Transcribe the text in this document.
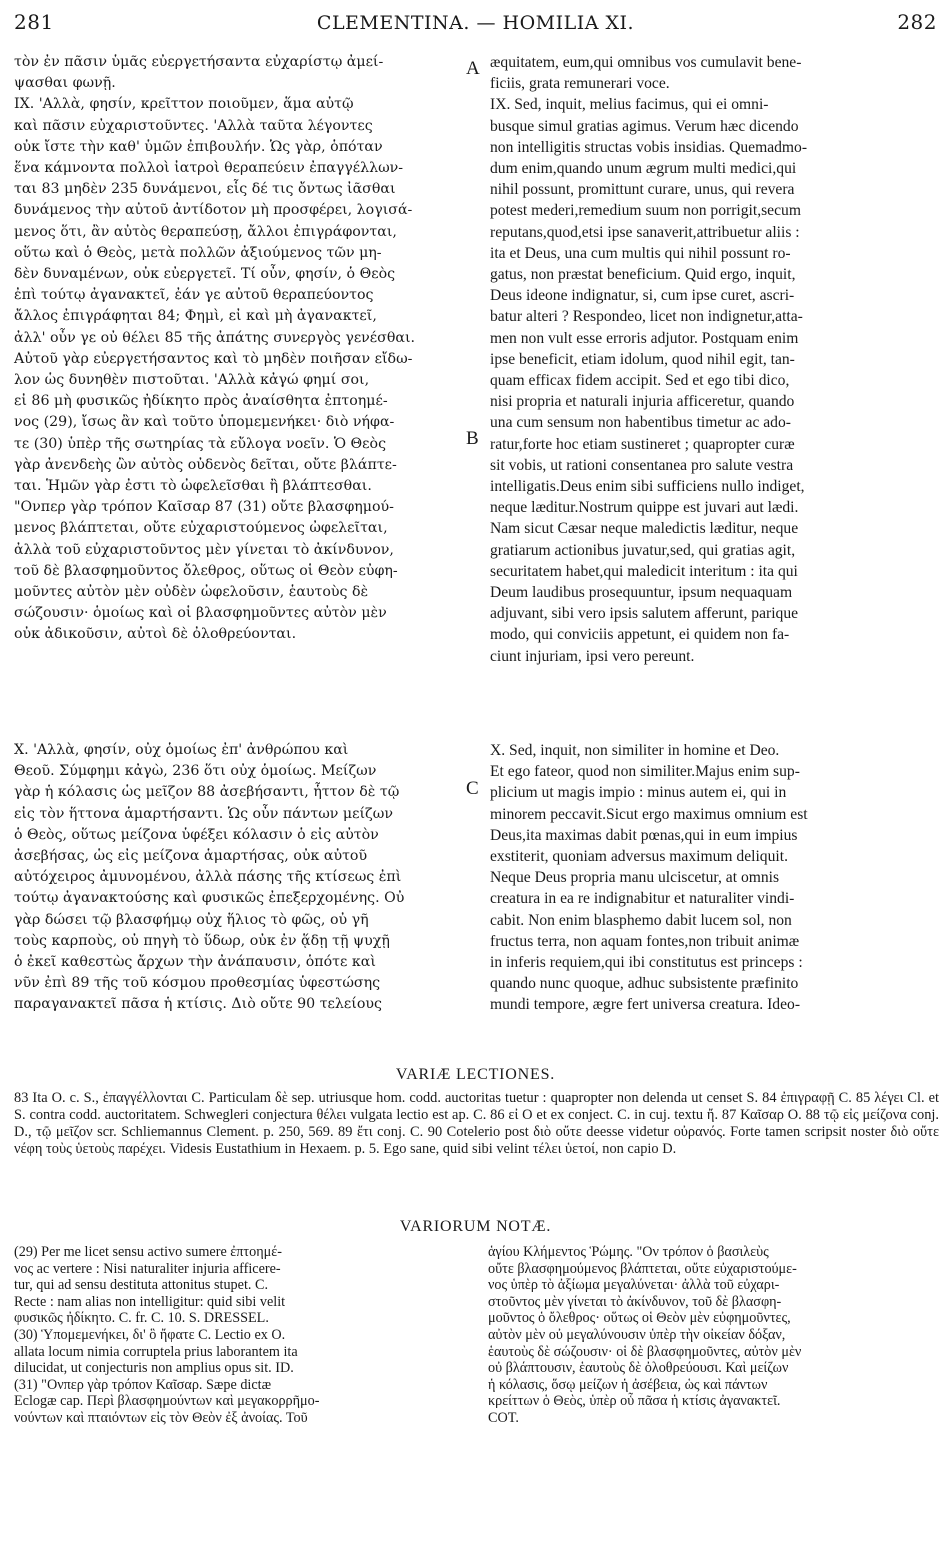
281	CLEMENTINA. — HOMILIA XI.	282
τὸν ἐν πᾶσιν ὑμᾶς εὐεργετήσαντα εὐχαρίστῳ ἀμεί-
ψασθαι φωνῇ.
IX. 'Αλλὰ, φησίν, κρεῖττον ποιοῦμεν, ἅμα αὐτῷ
καὶ πᾶσιν εὐχαριστοῦντες. 'Αλλὰ ταῦτα λέγοντες
οὐκ ἴστε τὴν καθ' ὑμῶν ἐπιβουλήν. Ὡς γὰρ, ὁπόταν
ἕνα κάμνοντα πολλοὶ ἰατροὶ θεραπεύειν ἐπαγγέλλων-
ται 83 μηδὲν 235 δυνάμενοι, εἷς δέ τις ὄντως ἰᾶσθαι
δυνάμενος τὴν αὐτοῦ ἀντίδοτον μὴ προσφέρει, λογισά-
μενος ὅτι, ἂν αὐτὸς θεραπεύσῃ, ἄλλοι ἐπιγράφονται,
οὕτω καὶ ὁ Θεὸς, μετὰ πολλῶν ἀξιούμενος τῶν μη-
δὲν δυναμένων, οὐκ εὐεργετεῖ. Τί οὖν, φησίν, ὁ Θεὸς
ἐπὶ τούτῳ ἀγανακτεῖ, ἐάν γε αὐτοῦ θεραπεύοντος
ἄλλος ἐπιγράφηται 84; Φημὶ, εἰ καὶ μὴ ἀγανακτεῖ,
ἀλλ' οὖν γε οὐ θέλει 85 τῆς ἀπάτης συνεργὸς γενέσθαι.
Αὐτοῦ γὰρ εὐεργετήσαντος καὶ τὸ μηδὲν ποιῆσαν εἴδω-
λον ὡς δυνηθὲν πιστοῦται. 'Αλλὰ κἀγώ φημί σοι,
εἰ 86 μὴ φυσικῶς ἠδίκητο πρὸς ἀναίσθητα ἐπτοημέ-
νος (29), ἴσως ἂν καὶ τοῦτο ὑπομεμενήκει· διὸ νήφα-
τε (30) ὑπὲρ τῆς σωτηρίας τὰ εὔλογα νοεῖν. Ὁ Θεὸς
γὰρ ἀνενδεὴς ὢν αὐτὸς οὐδενὸς δεῖται, οὔτε βλάπτε-
ται. Ἡμῶν γὰρ ἐστι τὸ ὠφελεῖσθαι ἢ βλάπτεσθαι.
"Ονπερ γὰρ τρόπον Καῖσαρ 87 (31) οὔτε βλασφημού-
μενος βλάπτεται, οὔτε εὐχαριστούμενος ὠφελεῖται,
ἀλλὰ τοῦ εὐχαριστοῦντος μὲν γίνεται τὸ ἀκίνδυνον,
τοῦ δὲ βλασφημοῦντος ὄλεθρος, οὕτως οἱ Θεὸν εὐφη-
μοῦντες αὐτὸν μὲν οὐδὲν ὠφελοῦσιν, ἑαυτοὺς δὲ
σώζουσιν· ὁμοίως καὶ οἱ βλασφημοῦντες αὐτὸν μὲν
οὐκ ἀδικοῦσιν, αὐτοὶ δὲ ὀλοθρεύονται.
A
B
C
æquitatem, eum,qui omnibus vos cumulavit bene-
ficiis, grata remunerari voce.
IX. Sed, inquit, melius facimus, qui ei omni-
busque simul gratias agimus. Verum hæc dicendo
non intelligitis structas vobis insidias. Quemadmo-
dum enim,quando unum ægrum multi medici,qui
nihil possunt, promittunt curare, unus, qui revera
potest mederi,remedium suum non porrigit,secum
reputans,quod,etsi ipse sanaverit,attribuetur aliis :
ita et Deus, una cum multis qui nihil possunt ro-
gatus, non præstat beneficium. Quid ergo, inquit,
Deus ideone indignatur, si, cum ipse curet, ascri-
batur alteri ? Respondeo, licet non indignetur,atta-
men non vult esse erroris adjutor. Postquam enim
ipse beneficit, etiam idolum, quod nihil egit, tan-
quam efficax fidem accipit. Sed et ego tibi dico,
nisi propria et naturali injuria afficeretur, quando
una cum sensum non habentibus timetur ac ado-
ratur,forte hoc etiam sustineret ; quapropter curæ
sit vobis, ut rationi consentanea pro salute vestra
intelligatis.Deus enim sibi sufficiens nullo indiget,
neque læditur.Nostrum quippe est juvari aut lædi.
Nam sicut Cæsar neque maledictis læditur, neque
gratiarum actionibus juvatur,sed, qui gratias agit,
securitatem habet,qui maledicit interitum : ita qui
Deum laudibus prosequuntur, ipsum nequaquam
adjuvant, sibi vero ipsis salutem afferunt, parique
modo, qui conviciis appetunt, ei quidem non fa-
ciunt injuriam, ipsi vero pereunt.
X. 'Αλλὰ, φησίν, οὐχ ὁμοίως ἐπ' ἀνθρώπου καὶ
Θεοῦ. Σύμφημι κἀγὼ, 236 ὅτι οὐχ ὁμοίως. Μείζων
γὰρ ἡ κόλασις ὡς μεῖζον 88 ἀσεβήσαντι, ἧττον δὲ τῷ
εἰς τὸν ἥττονα ἁμαρτήσαντι. Ὡς οὖν πάντων μείζων
ὁ Θεὸς, οὕτως μείζονα ὑφέξει κόλασιν ὁ εἰς αὐτὸν
ἀσεβήσας, ὡς εἰς μείζονα ἁμαρτήσας, οὐκ αὐτοῦ
αὐτόχειρος ἀμυνομένου, ἀλλὰ πάσης τῆς κτίσεως ἐπὶ
τούτῳ ἀγανακτούσης καὶ φυσικῶς ἐπεξερχομένης. Οὐ
γὰρ δώσει τῷ βλασφήμῳ οὐχ ἥλιος τὸ φῶς, οὐ γῆ
τοὺς καρποὺς, οὐ πηγὴ τὸ ὕδωρ, οὐκ ἐν ᾅδῃ τῇ ψυχῇ
ὁ ἐκεῖ καθεστὼς ἄρχων τὴν ἀνάπαυσιν, ὁπότε καὶ
νῦν ἐπὶ 89 τῆς τοῦ κόσμου προθεσμίας ὑφεστώσης
παραγανακτεῖ πᾶσα ἡ κτίσις. Διὸ οὔτε 90 τελείους
X. Sed, inquit, non similiter in homine et Deo.
Et ego fateor, quod non similiter.Majus enim sup-
plicium ut magis impio : minus autem ei, qui in
minorem peccavit.Sicut ergo maximus omnium est
Deus,ita maximas dabit pœnas,qui in eum impius
exstiterit, quoniam adversus maximum deliquit.
Neque Deus propria manu ulciscetur, at omnis
creatura in ea re indignabitur et naturaliter vindi-
cabit. Non enim blasphemo dabit lucem sol, non
fructus terra, non aquam fontes,non tribuit animæ
in inferis requiem,qui ibi constitutus est princeps :
quando nunc quoque, adhuc subsistente præfinito
mundi tempore, ægre fert universa creatura. Ideo-
VARIÆ LECTIONES.
83 Ita O. c. S., ἐπαγγέλλονται C. Particulam δὲ sep. utriusque hom. codd. auctoritas tuetur : quapropter non delenda ut censet S. 84 ἐπιγραφῇ C. 85 λέγει Cl. et S. contra codd. auctoritatem. Schwegleri conjectura θέλει vulgata lectio est ap. C. 86 εἰ O et ex conject. C. in cuj. textu ἤ. 87 Καῖσαρ O. 88 τῷ εἰς μείζονα conj. D., τῷ μεῖζον scr. Schliemannus Clement. p. 250, 569. 89 ἔτι conj. C. 90 Cotelerio post διὸ οὔτε deesse videtur οὐρανός. Forte tamen scripsit noster διὸ οὔτε νέφη τοὺς ὑετοὺς παρέχει. Videsis Eustathium in Hexaem. p. 5. Ego sane, quid sibi velint τέλει ὑετοί, non capio D.
VARIORUM NOTÆ.
(29) Per me licet sensu activo sumere ἐπτοημέ-
νος ac vertere : Nisi naturaliter injuria afficere-
tur, qui ad sensu destituta attonitus stupet. C.
Recte : nam alias non intelligitur: quid sibi velit
φυσικῶς ἠδίκητο. C. fr. C. 10. S. DRESSEL.
(30) Ὑπομεμενήκει, δι' ὃ ἤφατε C. Lectio ex O.
allata locum nimia corruptela prius laborantem ita
dilucidat, ut conjecturis non amplius opus sit. ID.
(31) "Ονπερ γὰρ τρόπον Καῖσαρ. Sæpe dictæ
Eclogæ cap. Περὶ βλασφημούντων καὶ μεγακορρῆμο-
νούντων καὶ πταιόντων εἰς τὸν Θεὸν ἐξ ἀνοίας. Τοῦ
ἁγίου Κλήμεντος Ῥώμης. "Ον τρόπον ὁ βασιλεὺς
οὔτε βλασφημούμενος βλάπτεται, οὔτε εὐχαριστούμε-
νος ὑπὲρ τὸ ἀξίωμα μεγαλύνεται· ἀλλὰ τοῦ εὐχαρι-
στοῦντος μὲν γίνεται τὸ ἀκίνδυνον, τοῦ δὲ βλασφη-
μοῦντος ὁ ὄλεθρος· οὕτως οἱ Θεὸν μὲν εὐφημοῦντες,
αὐτὸν μὲν οὐ μεγαλύνουσιν ὑπὲρ τὴν οἰκείαν δόξαν,
ἑαυτοὺς δὲ σώζουσιν· οἱ δὲ βλασφημοῦντες, αὐτὸν μὲν
οὐ βλάπτουσιν, ἑαυτοὺς δὲ ὀλοθρεύουσι. Καὶ μείζων
ἡ κόλασις, ὅσῳ μείζων ἡ ἀσέβεια, ὡς καὶ πάντων
κρείττων ὁ Θεὸς, ὑπὲρ οὗ πᾶσα ἡ κτίσις ἀγανακτεῖ.
COT.
